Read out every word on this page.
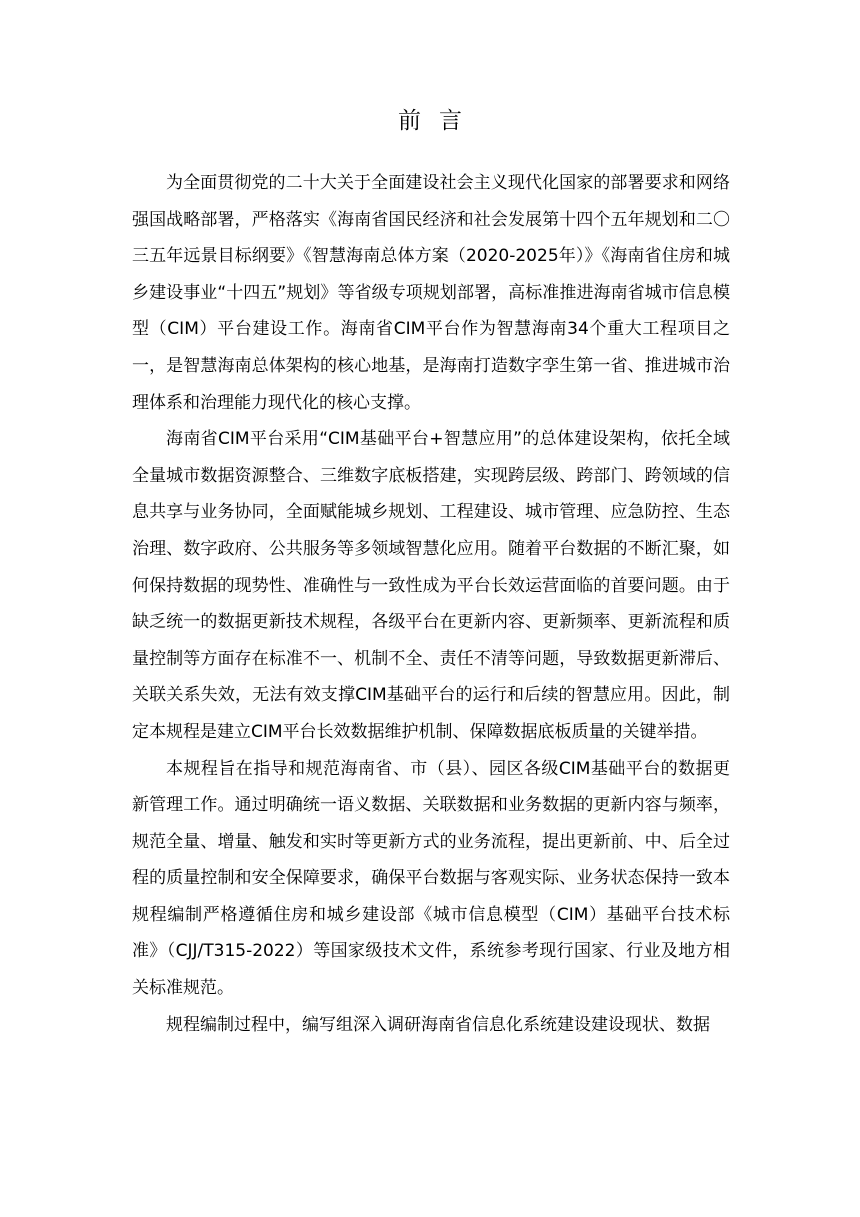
前言

为全面贯彻党的二十大关于全面建设社会主义现代化国家的部署要求和网络强国战略部署，严格落实《海南省国民经济和社会发展第十四个五年规划和二〇三五年远景目标纲要》《智慧海南总体方案（2020-2025年）》《海南省住房和城乡建设事业“十四五”规划》等省级专项规划部署，高标准推进海南省城市信息模型（CIM）平台建设工作。海南省CIM平台作为智慧海南34个重大工程项目之一，是智慧海南总体架构的核心地基，是海南打造数字孪生第一省、推进城市治理体系和治理能力现代化的核心支撑。

海南省CIM平台采用“CIM基础平台+智慧应用”的总体建设架构，依托全域全量城市数据资源整合、三维数字底板搭建，实现跨层级、跨部门、跨领域的信息共享与业务协同，全面赋能城乡规划、工程建设、城市管理、应急防控、生态治理、数字政府、公共服务等多领域智慧化应用。随着平台数据的不断汇聚，如何保持数据的现势性、准确性与一致性成为平台长效运营面临的首要问题。由于缺乏统一的数据更新技术规程，各级平台在更新内容、更新频率、更新流程和质量控制等方面存在标准不一、机制不全、责任不清等问题，导致数据更新滞后、关联关系失效，无法有效支撑CIM基础平台的运行和后续的智慧应用。因此，制定本规程是建立CIM平台长效数据维护机制、保障数据底板质量的关键举措。

本规程旨在指导和规范海南省、市（县）、园区各级CIM基础平台的数据更新管理工作。通过明确统一语义数据、关联数据和业务数据的更新内容与频率，规范全量、增量、触发和实时等更新方式的业务流程，提出更新前、中、后全过程的质量控制和安全保障要求，确保平台数据与客观实际、业务状态保持一致本规程编制严格遵循住房和城乡建设部《城市信息模型（CIM）基础平台技术标准》（CJJ/T315-2022）等国家级技术文件，系统参考现行国家、行业及地方相关标准规范。

规程编制过程中，编写组深入调研海南省信息化系统建设建设现状、数据
